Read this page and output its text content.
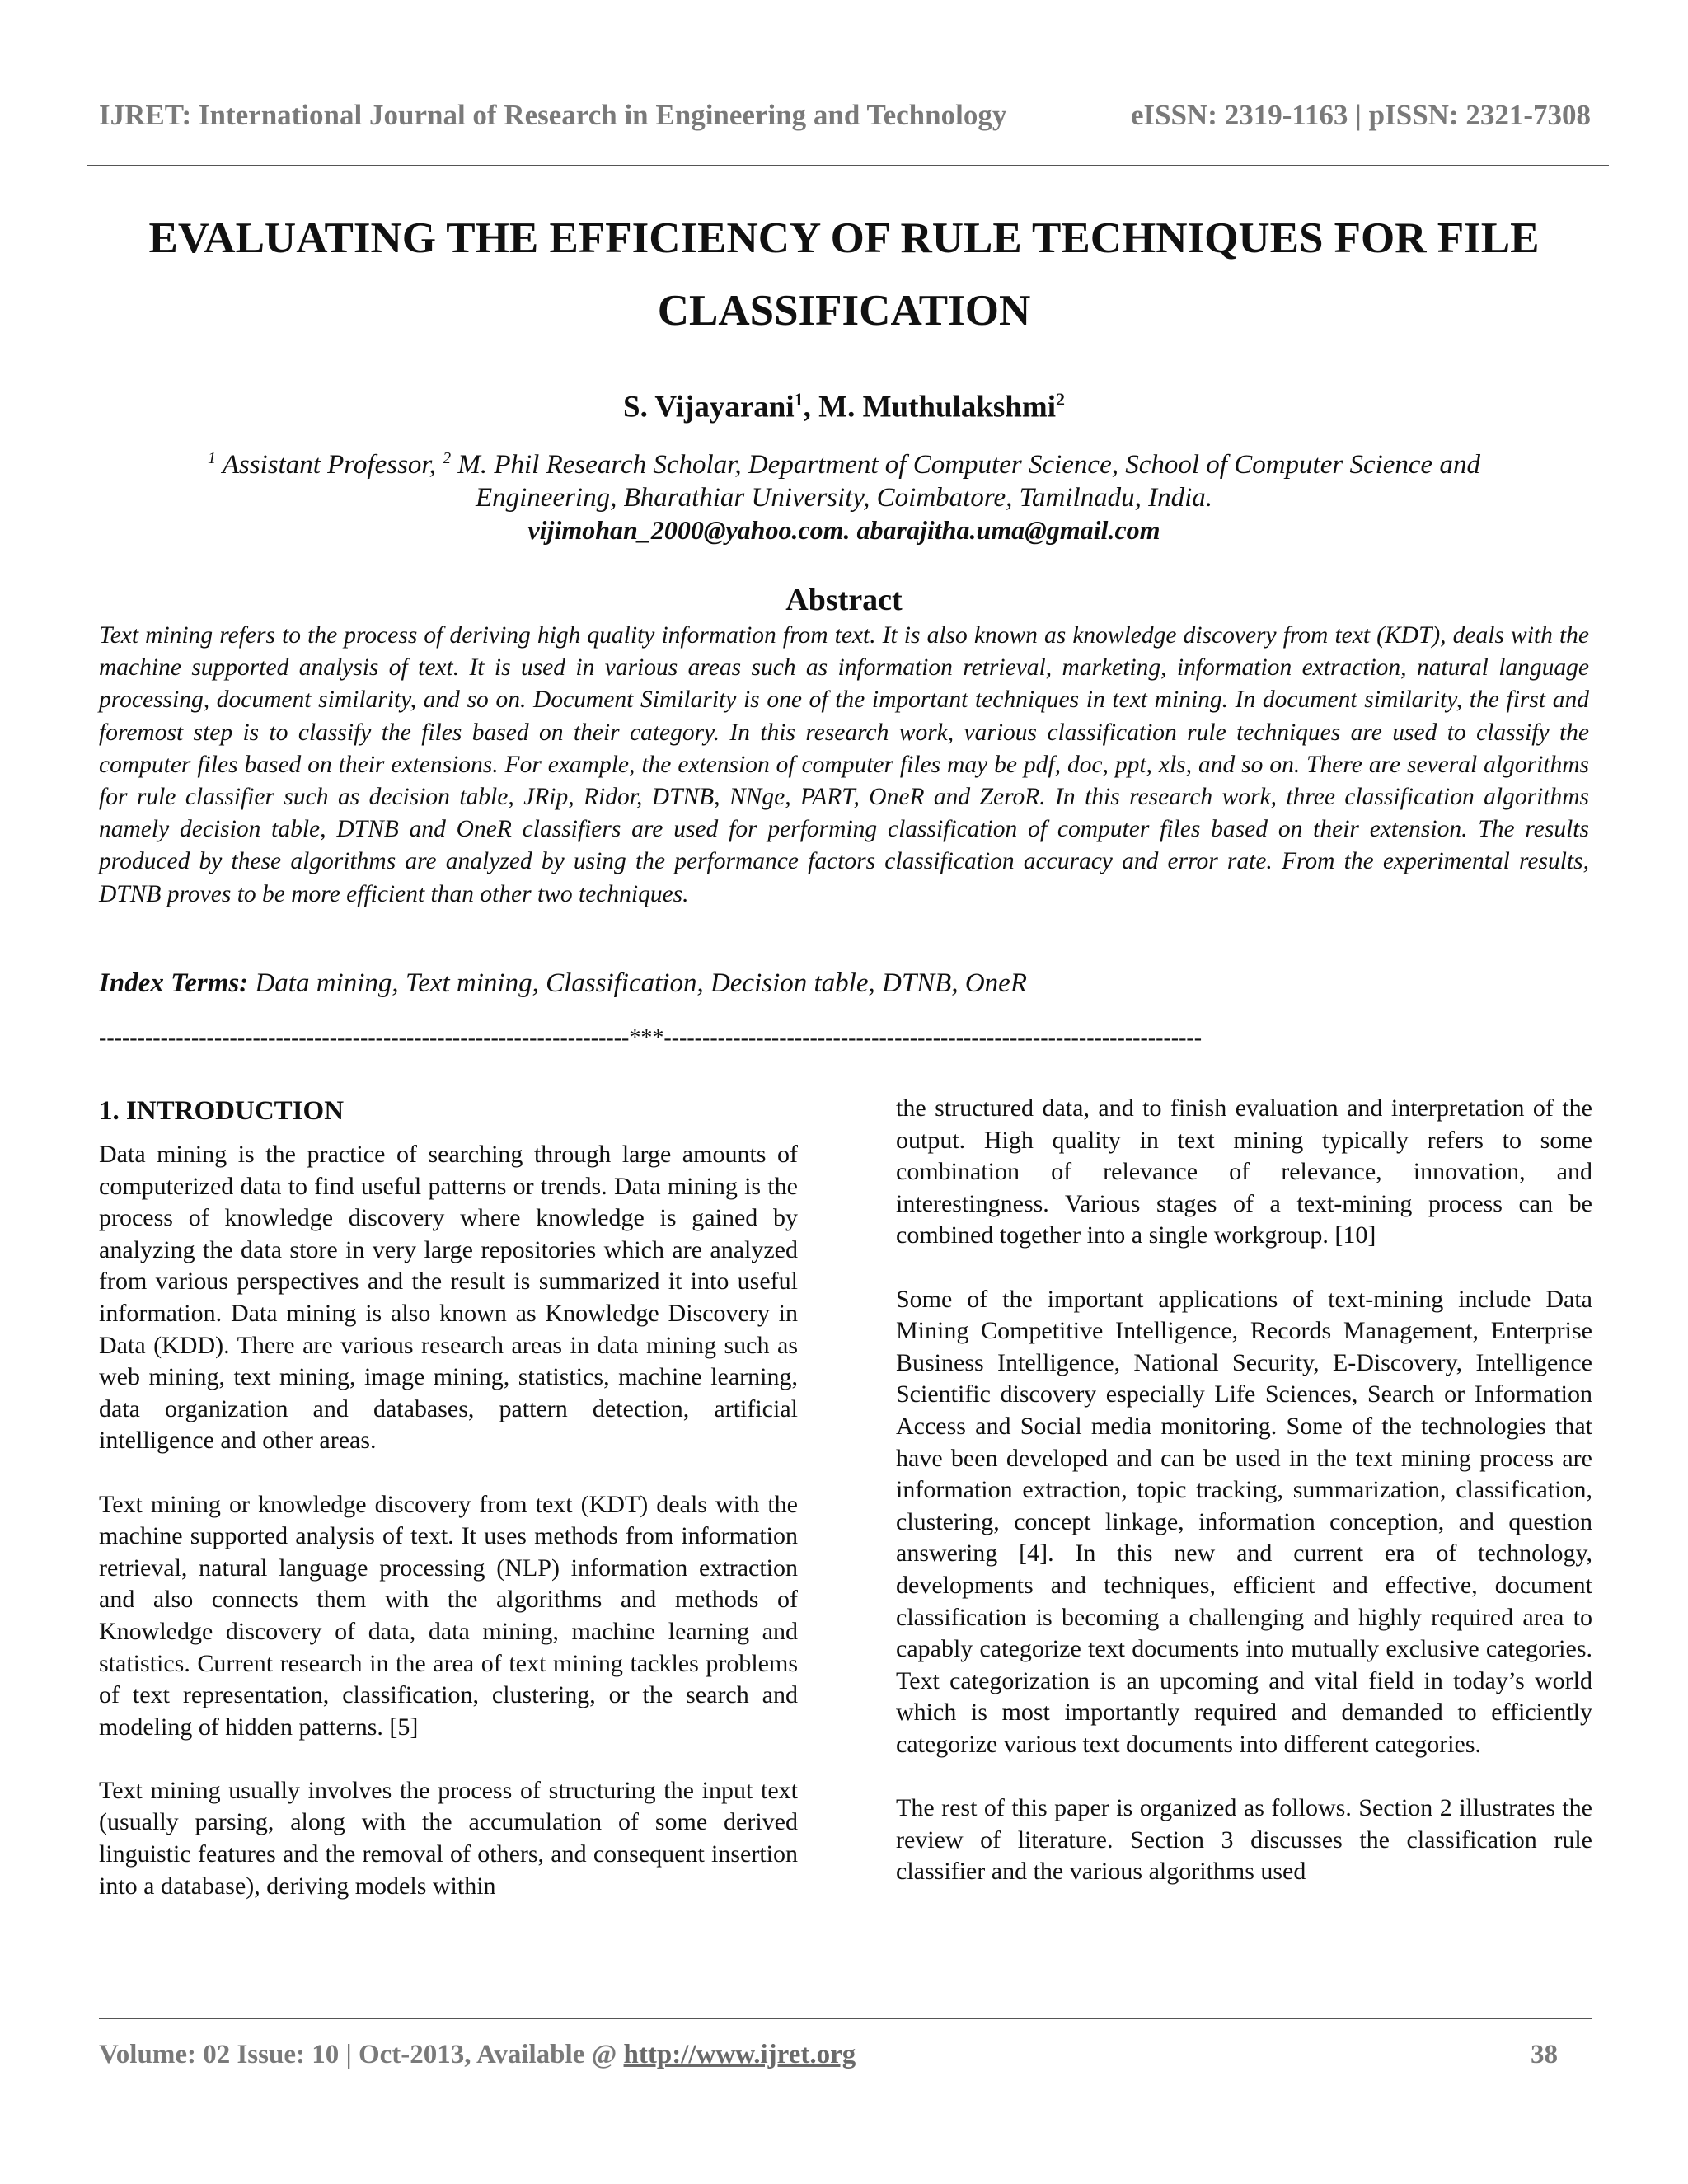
IJRET: International Journal of Research in Engineering and Technology	eISSN: 2319-1163 | pISSN: 2321-7308
EVALUATING THE EFFICIENCY OF RULE TECHNIQUES FOR FILE
CLASSIFICATION
S. Vijayarani$^1$, M. Muthulakshmi$^2$
$^1$ Assistant Professor, $^2$ M. Phil Research Scholar, Department of Computer Science, School of Computer Science and
Engineering, Bharathiar University, Coimbatore, Tamilnadu, India.
vijimohan_2000@yahoo.com. abarajitha.uma@gmail.com
Abstract
Text mining refers to the process of deriving high quality information from text. It is also known as knowledge discovery from text (KDT), deals with the machine supported analysis of text. It is used in various areas such as information retrieval, marketing, information extraction, natural language processing, document similarity, and so on. Document Similarity is one of the important techniques in text mining. In document similarity, the first and foremost step is to classify the files based on their category. In this research work, various classification rule techniques are used to classify the computer files based on their extensions. For example, the extension of computer files may be pdf, doc, ppt, xls, and so on. There are several algorithms for rule classifier such as decision table, JRip, Ridor, DTNB, NNge, PART, OneR and ZeroR. In this research work, three classification algorithms namely decision table, DTNB and OneR classifiers are used for performing classification of computer files based on their extension. The results produced by these algorithms are analyzed by using the performance factors classification accuracy and error rate. From the experimental results, DTNB proves to be more efficient than other two techniques.
Index Terms: Data mining, Text mining, Classification, Decision table, DTNB, OneR
---------------------------------------------------------------------***----------------------------------------------------------------------
1. INTRODUCTION

Data mining is the practice of searching through large amounts of computerized data to find useful patterns or trends. Data mining is the process of knowledge discovery where knowledge is gained by analyzing the data store in very large repositories which are analyzed from various perspectives and the result is summarized it into useful information. Data mining is also known as Knowledge Discovery in Data (KDD). There are various research areas in data mining such as web mining, text mining, image mining, statistics, machine learning, data organization and databases, pattern detection, artificial intelligence and other areas.

Text mining or knowledge discovery from text (KDT) deals with the machine supported analysis of text. It uses methods from information retrieval, natural language processing (NLP) information extraction and also connects them with the algorithms and methods of Knowledge discovery of data, data mining, machine learning and statistics. Current research in the area of text mining tackles problems of text representation, classification, clustering, or the search and modeling of hidden patterns. [5]

Text mining usually involves the process of structuring the input text (usually parsing, along with the accumulation of some derived linguistic features and the removal of others, and consequent insertion into a database), deriving models within

the structured data, and to finish evaluation and interpretation of the output. High quality in text mining typically refers to some combination of relevance of relevance, innovation, and interestingness. Various stages of a text-mining process can be combined together into a single workgroup. [10]

Some of the important applications of text-mining include Data Mining Competitive Intelligence, Records Management, Enterprise Business Intelligence, National Security, E-Discovery, Intelligence Scientific discovery especially Life Sciences, Search or Information Access and Social media monitoring. Some of the technologies that have been developed and can be used in the text mining process are information extraction, topic tracking, summarization, classification, clustering, concept linkage, information conception, and question answering [4]. In this new and current era of technology, developments and techniques, efficient and effective, document classification is becoming a challenging and highly required area to capably categorize text documents into mutually exclusive categories. Text categorization is an upcoming and vital field in today’s world which is most importantly required and demanded to efficiently categorize various text documents into different categories.

The rest of this paper is organized as follows. Section 2 illustrates the review of literature. Section 3 discusses the classification rule classifier and the various algorithms used

Volume: 02 Issue: 10 | Oct-2013, Available @ http://www.ijret.org	38
